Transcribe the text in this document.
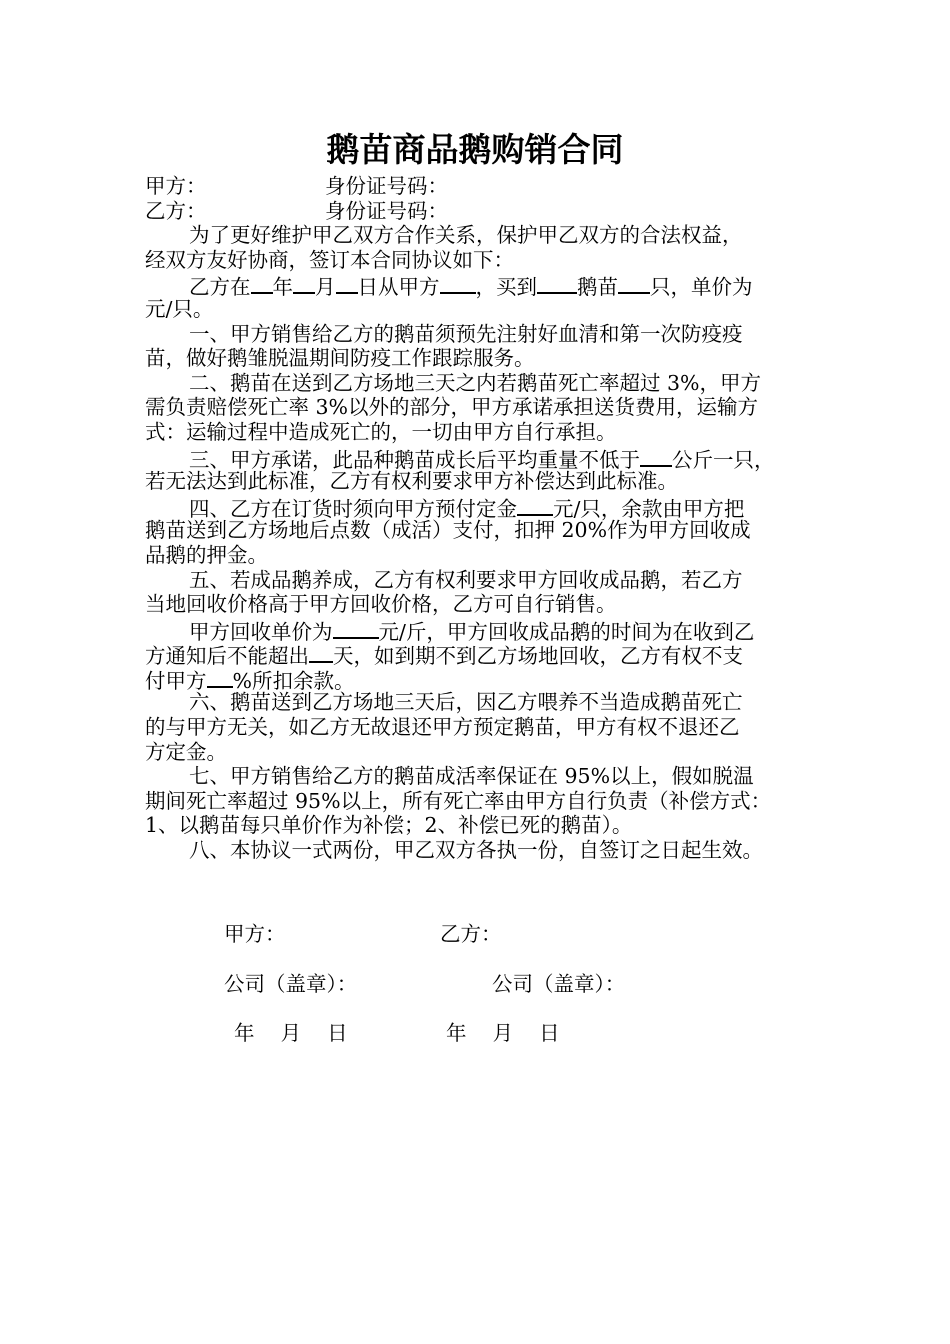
鹅苗商品鹅购销合同
甲方：	身份证号码：
乙方：	身份证号码：
为了更好维护甲乙双方合作关系，保护甲乙双方的合法权益，
经双方友好协商，签订本合同协议如下：
乙方在 年 月 日从甲方 ，买到 鹅苗 只，单价为
元/只。
一、甲方销售给乙方的鹅苗须预先注射好血清和第一次防疫疫
苗，做好鹅雏脱温期间防疫工作跟踪服务。
二、鹅苗在送到乙方场地三天之内若鹅苗死亡率超过 3%，甲方
需负责赔偿死亡率 3%以外的部分，甲方承诺承担送货费用，运输方
式：运输过程中造成死亡的，一切由甲方自行承担。
三、甲方承诺，此品种鹅苗成长后平均重量不低于 公斤一只，
若无法达到此标准，乙方有权利要求甲方补偿达到此标准。
四、乙方在订货时须向甲方预付定金 元/只，余款由甲方把
鹅苗送到乙方场地后点数（成活）支付，扣押 20%作为甲方回收成
品鹅的押金。
五、若成品鹅养成，乙方有权利要求甲方回收成品鹅，若乙方
当地回收价格高于甲方回收价格，乙方可自行销售。
甲方回收单价为 元/斤，甲方回收成品鹅的时间为在收到乙
方通知后不能超出 天，如到期不到乙方场地回收，乙方有权不支
付甲方 %所扣余款。
六、鹅苗送到乙方场地三天后，因乙方喂养不当造成鹅苗死亡
的与甲方无关，如乙方无故退还甲方预定鹅苗，甲方有权不退还乙
方定金。
七、甲方销售给乙方的鹅苗成活率保证在 95%以上，假如脱温
期间死亡率超过 95%以上，所有死亡率由甲方自行负责（补偿方式：
1、以鹅苗每只单价作为补偿；2、补偿已死的鹅苗）。
八、本协议一式两份，甲乙双方各执一份，自签订之日起生效。
甲方：	乙方：
公司（盖章）：	公司（盖章）：
年    月    日	年    月    日
